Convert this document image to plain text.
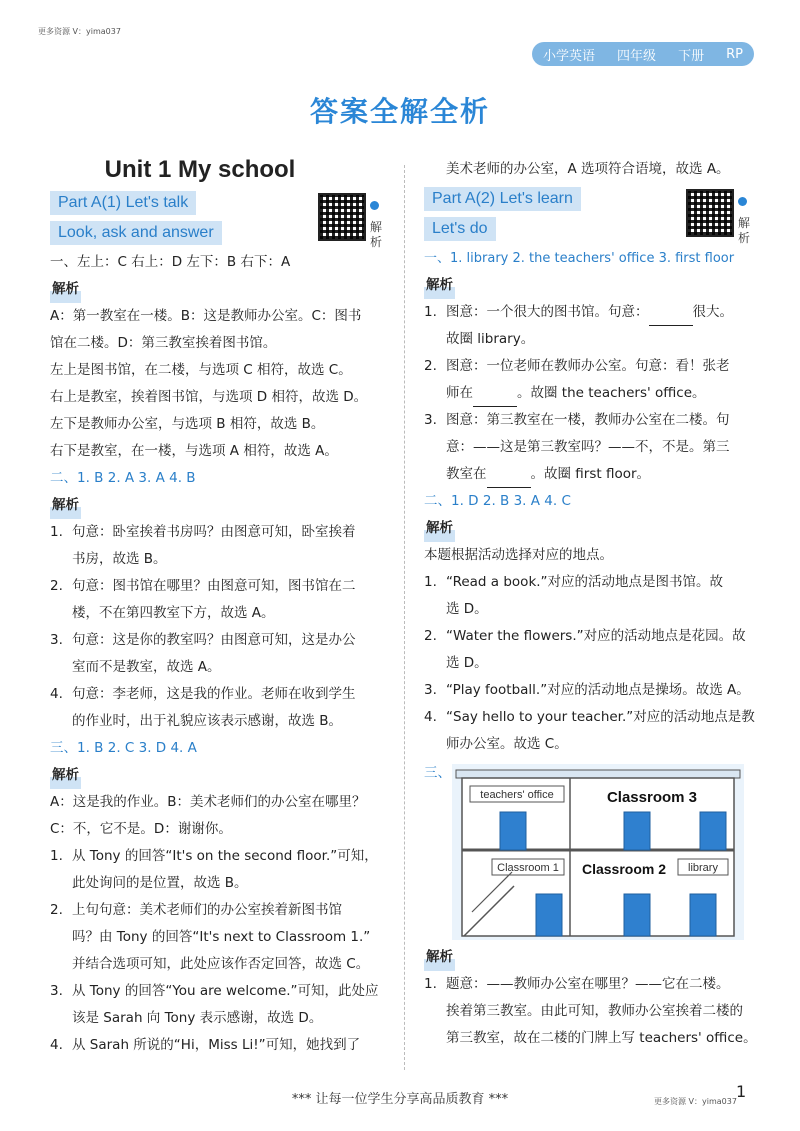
更多资源 V：yima037
小学英语 四年级 下册 RP
答案全解全析
Unit 1 My school
Part A(1) Let's talk
Look, ask and answer	解析

一、左上：C 右上：D 左下：B 右下：A

解析

A：第一教室在一楼。B：这是教师办公室。C：图书

馆在二楼。D：第三教室挨着图书馆。

左上是图书馆，在二楼，与选项 C 相符，故选 C。

右上是教室，挨着图书馆，与选项 D 相符，故选 D。

左下是教师办公室，与选项 B 相符，故选 B。

右下是教室，在一楼，与选项 A 相符，故选 A。

二、1. B 2. A 3. A 4. B

解析
1. 句意：卧室挨着书房吗？由图意可知，卧室挨着

书房，故选 B。

2. 句意：图书馆在哪里？由图意可知，图书馆在二

楼，不在第四教室下方，故选 A。

3. 句意：这是你的教室吗？由图意可知，这是办公

室而不是教室，故选 A。

4. 句意：李老师，这是我的作业。老师在收到学生

的作业时，出于礼貌应该表示感谢，故选 B。

三、1. B 2. C 3. D 4. A

解析

A：这是我的作业。B：美术老师们的办公室在哪里？

C：不，它不是。D：谢谢你。

1. 从 Tony 的回答“It's on the second floor.”可知，

此处询问的是位置，故选 B。

2. 上句句意：美术老师们的办公室挨着新图书馆

吗？由 Tony 的回答“It's next to Classroom 1.”

并结合选项可知，此处应该作否定回答，故选 C。

3. 从 Tony 的回答“You are welcome.”可知，此处应

该是 Sarah 向 Tony 表示感谢，故选 D。

4. 从 Sarah 所说的“Hi，Miss Li!”可知，她找到了

美术老师的办公室，A 选项符合语境，故选 A。

Part A(2) Let's learn
Let's do	解析

一、1. library 2. the teachers' office 3. first floor

解析
1. 图意：一个很大的图书馆。句意：	很大。

故圈 library。

2. 图意：一位老师在教师办公室。句意：看！张老

师在	。故圈 the teachers' office。

3. 图意：第三教室在一楼，教师办公室在二楼。句

意：——这是第三教室吗？——不，不是。第三

教室在	。故圈 first floor。

二、1. D 2. B 3. A 4. C

解析

本题根据活动选择对应的地点。

1. “Read a book.”对应的活动地点是图书馆。故

选 D。

2. “Water the flowers.”对应的活动地点是花园。故

选 D。

3. “Play football.”对应的活动地点是操场。故选 A。

4. “Say hello to your teacher.”对应的活动地点是教

师办公室。故选 C。

三、
teachers' office	Classroom 3
Classroom 1 Classroom 2 library
解析
1. 题意：——教师办公室在哪里？——它在二楼。

挨着第三教室。由此可知，教师办公室挨着二楼的

第三教室，故在二楼的门牌上写 teachers' office。

*** 让每一位学生分享高品质教育 ***	更多资源 V：yima037
1
